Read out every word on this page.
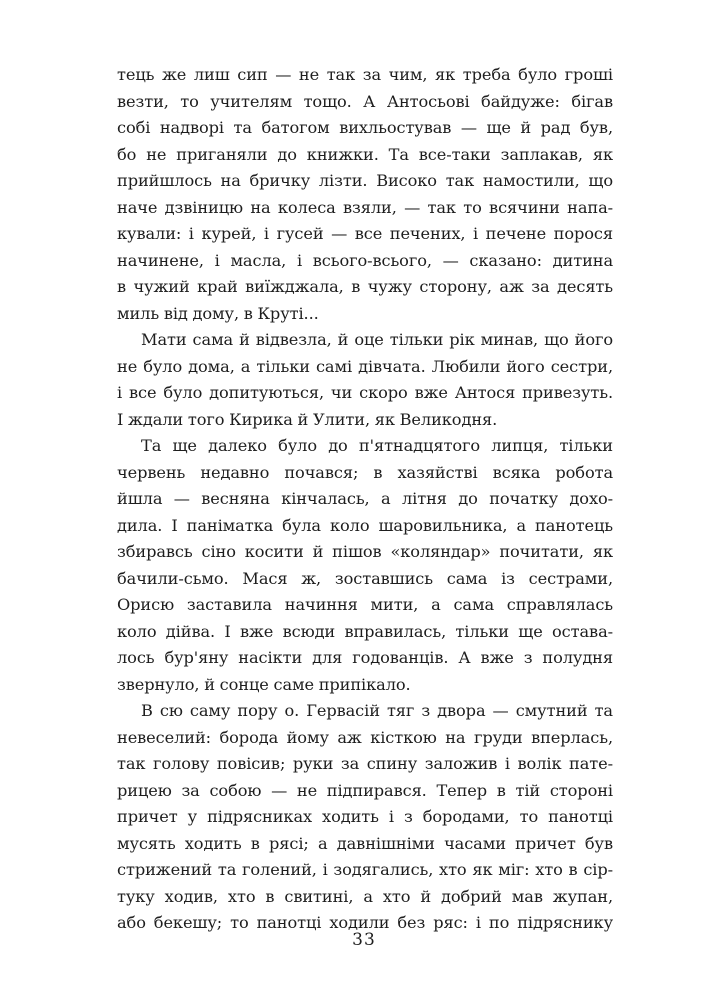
тець же лиш сип — не так за чим, як треба було гроші
везти, то учителям тощо. А Антосьові байдуже: бігав
собі надворі та батогом вихльостував — ще й рад був,
бо не приганяли до книжки. Та все-таки заплакав, як
прийшлось на бричку лізти. Високо так намостили, що
наче дзвіницю на колеса взяли, — так то всячини напа-
кували: і курей, і гусей — все печених, і печене порося
начинене, і масла, і всього-всього, — сказано: дитина
в чужий край виїжджала, в чужу сторону, аж за десять
миль від дому, в Круті...

Мати сама й відвезла, й оце тільки рік минав, що його
не було дома, а тільки самі дівчата. Любили його сестри,
і все було допитуються, чи скоро вже Антося привезуть.
І ждали того Кирика й Улити, як Великодня.

Та ще далеко було до п'ятнадцятого липця, тільки
червень недавно почався; в хазяйстві всяка робота
йшла — весняна кінчалась, а літня до початку дохо-
дила. І паніматка була коло шаровильника, а панотець
збиравсь сіно косити й пішов «коляндар» почитати, як
бачили-сьмо. Мася ж, зоставшись сама із сестрами,
Орисю заставила начиння мити, а сама справлялась
коло дійва. І вже всюди вправилась, тільки ще оставa-
лось бур'яну насікти для годованців. А вже з полудня
звернуло, й сонце саме припікало.

В сю саму пору о. Гервасій тяг з двора — смутний та
невеселий: борода йому аж кісткою на груди вперлась,
так голову повісив; руки за спину заложив і волік пате-
рицею за собою — не підпирався. Тепер в тій стороні
причет у підрясниках ходить і з бородами, то панотці
мусять ходить в рясі; а давнішніми часами причет був
стрижений та голений, і зодягались, хто як міг: хто в сір-
туку ходив, хто в свитині, а хто й добрий мав жупан,
або бекешу; то панотці ходили без ряс: і по підряснику

33
